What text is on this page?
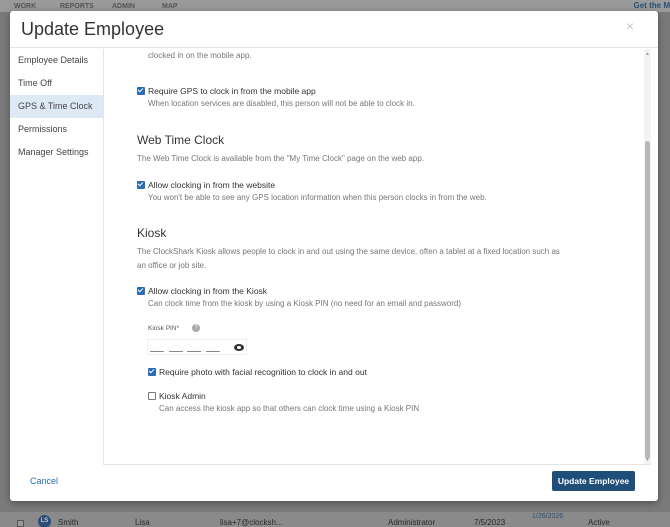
WORK	REPORTS	ADMIN	MAP	Get the M
LS	Smith	Lisa	lisa+7@clocksh...	Administrator	7/5/2023
1/26/2026
Active
Update Employee	×
Employee Details
Time Off
GPS & Time Clock
Permissions
Manager Settings
clocked in on the mobile app.
Require GPS to clock in from the mobile app
When location services are disabled, this person will not be able to clock in.
Web Time Clock
The Web Time Clock is available from the "My Time Clock" page on the web app.
Allow clocking in from the website
You won't be able to see any GPS location information when this person clocks in from the web.
Kiosk
The ClockShark Kiosk allows people to clock in and out using the same device, often a tablet at a fixed location such as an office or job site.
Allow clocking in from the Kiosk
Can clock time from the kiosk by using a Kiosk PIN (no need for an email and password)
Kiosk PIN*	?
Require photo with facial recognition to clock in and out
Kiosk Admin
Can access the kiosk app so that others can clock time using a Kiosk PIN
▲
▼
Cancel	Update Employee
